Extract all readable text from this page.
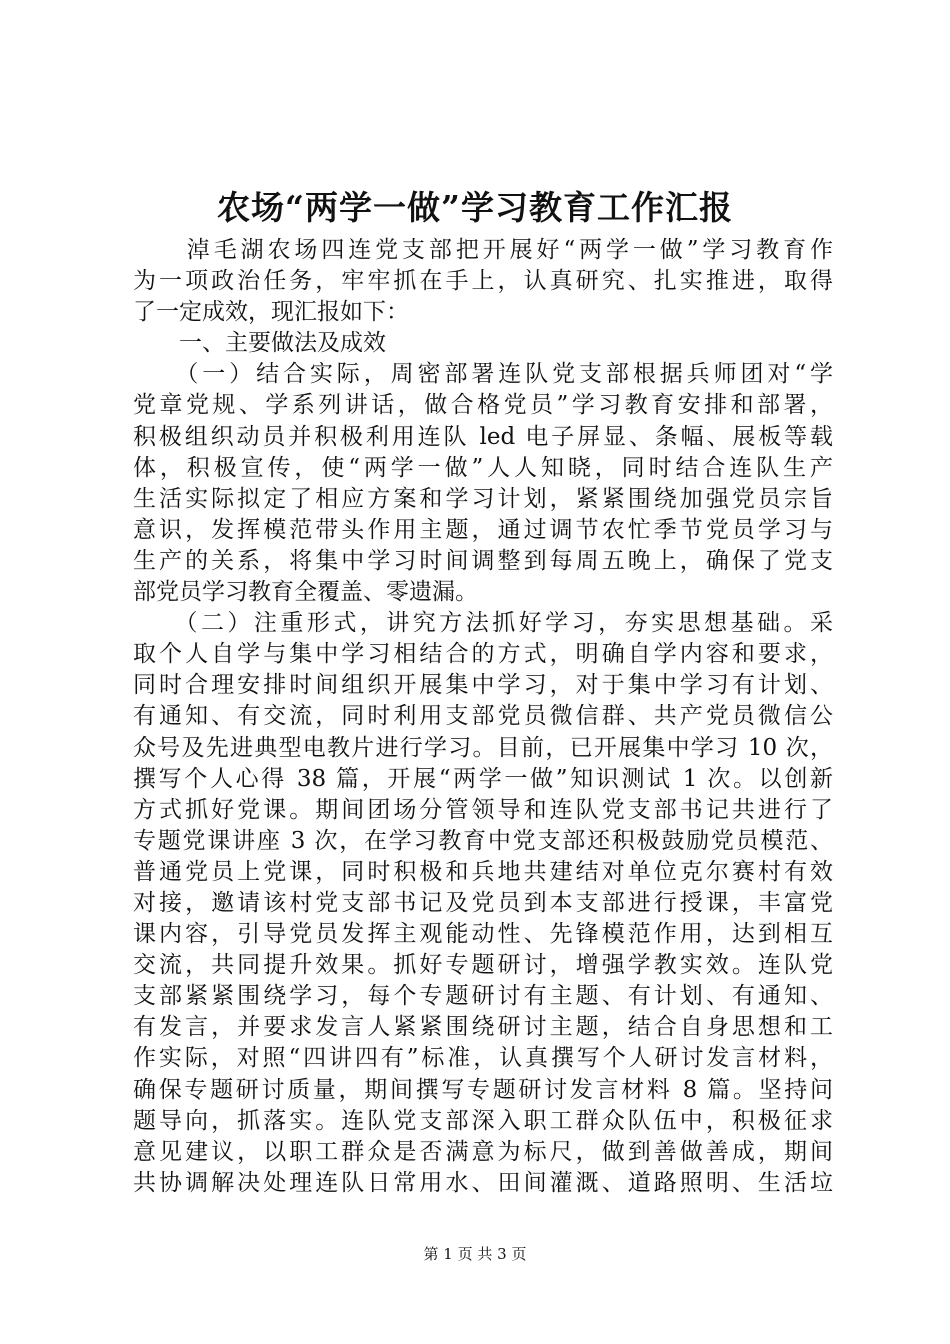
农场“两学一做”学习教育工作汇报
　　淖毛湖农场四连党支部把开展好“两学一做”学习教育作
为一项政治任务，牢牢抓在手上，认真研究、扎实推进，取得
了一定成效，现汇报如下：
　　一、主要做法及成效
　　（一）结合实际，周密部署连队党支部根据兵师团对“学
党章党规、学系列讲话，做合格党员”学习教育安排和部署，
积极组织动员并积极利用连队 led 电子屏显、条幅、展板等载
体，积极宣传，使“两学一做”人人知晓，同时结合连队生产
生活实际拟定了相应方案和学习计划，紧紧围绕加强党员宗旨
意识，发挥模范带头作用主题，通过调节农忙季节党员学习与
生产的关系，将集中学习时间调整到每周五晚上，确保了党支
部党员学习教育全覆盖、零遗漏。
　　（二）注重形式，讲究方法抓好学习，夯实思想基础。采
取个人自学与集中学习相结合的方式，明确自学内容和要求，
同时合理安排时间组织开展集中学习，对于集中学习有计划、
有通知、有交流，同时利用支部党员微信群、共产党员微信公
众号及先进典型电教片进行学习。目前，已开展集中学习 10 次，
撰写个人心得 38 篇，开展“两学一做”知识测试 1 次。以创新
方式抓好党课。期间团场分管领导和连队党支部书记共进行了
专题党课讲座 3 次，在学习教育中党支部还积极鼓励党员模范、
普通党员上党课，同时积极和兵地共建结对单位克尔赛村有效
对接，邀请该村党支部书记及党员到本支部进行授课，丰富党
课内容，引导党员发挥主观能动性、先锋模范作用，达到相互
交流，共同提升效果。抓好专题研讨，增强学教实效。连队党
支部紧紧围绕学习，每个专题研讨有主题、有计划、有通知、
有发言，并要求发言人紧紧围绕研讨主题，结合自身思想和工
作实际，对照“四讲四有”标准，认真撰写个人研讨发言材料，
确保专题研讨质量，期间撰写专题研讨发言材料 8 篇。坚持问
题导向，抓落实。连队党支部深入职工群众队伍中，积极征求
意见建议，以职工群众是否满意为标尺，做到善做善成，期间
共协调解决处理连队日常用水、田间灌溉、道路照明、生活垃
第 1 页 共 3 页
